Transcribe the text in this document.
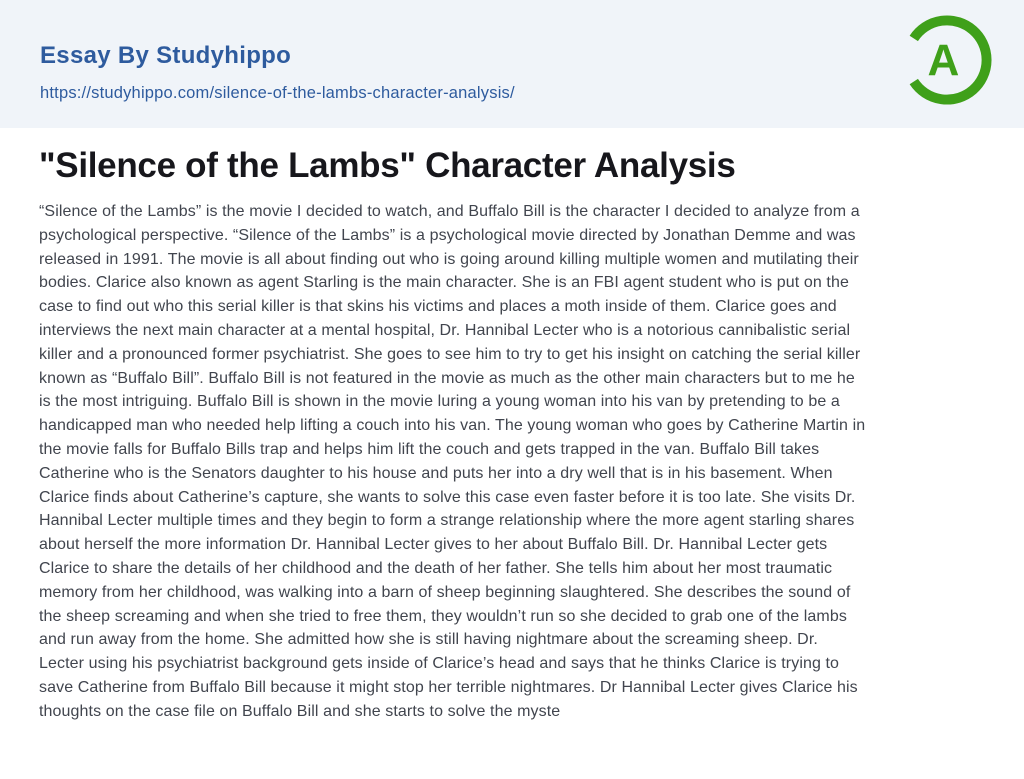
Essay By Studyhippo
https://studyhippo.com/silence-of-the-lambs-character-analysis/
A
"Silence of the Lambs" Character Analysis
“Silence of the Lambs” is the movie I decided to watch, and Buffalo Bill is the character I decided to analyze from a
psychological perspective. “Silence of the Lambs” is a psychological movie directed by Jonathan Demme and was
released in 1991. The movie is all about finding out who is going around killing multiple women and mutilating their
bodies. Clarice also known as agent Starling is the main character. She is an FBI agent student who is put on the
case to find out who this serial killer is that skins his victims and places a moth inside of them. Clarice goes and
interviews the next main character at a mental hospital, Dr. Hannibal Lecter who is a notorious cannibalistic serial
killer and a pronounced former psychiatrist. She goes to see him to try to get his insight on catching the serial killer
known as “Buffalo Bill”. Buffalo Bill is not featured in the movie as much as the other main characters but to me he
is the most intriguing. Buffalo Bill is shown in the movie luring a young woman into his van by pretending to be a
handicapped man who needed help lifting a couch into his van. The young woman who goes by Catherine Martin in
the movie falls for Buffalo Bills trap and helps him lift the couch and gets trapped in the van. Buffalo Bill takes
Catherine who is the Senators daughter to his house and puts her into a dry well that is in his basement. When
Clarice finds about Catherine’s capture, she wants to solve this case even faster before it is too late. She visits Dr.
Hannibal Lecter multiple times and they begin to form a strange relationship where the more agent starling shares
about herself the more information Dr. Hannibal Lecter gives to her about Buffalo Bill. Dr. Hannibal Lecter gets
Clarice to share the details of her childhood and the death of her father. She tells him about her most traumatic
memory from her childhood, was walking into a barn of sheep beginning slaughtered. She describes the sound of
the sheep screaming and when she tried to free them, they wouldn’t run so she decided to grab one of the lambs
and run away from the home. She admitted how she is still having nightmare about the screaming sheep. Dr.
Lecter using his psychiatrist background gets inside of Clarice’s head and says that he thinks Clarice is trying to
save Catherine from Buffalo Bill because it might stop her terrible nightmares. Dr Hannibal Lecter gives Clarice his
thoughts on the case file on Buffalo Bill and she starts to solve the myste
